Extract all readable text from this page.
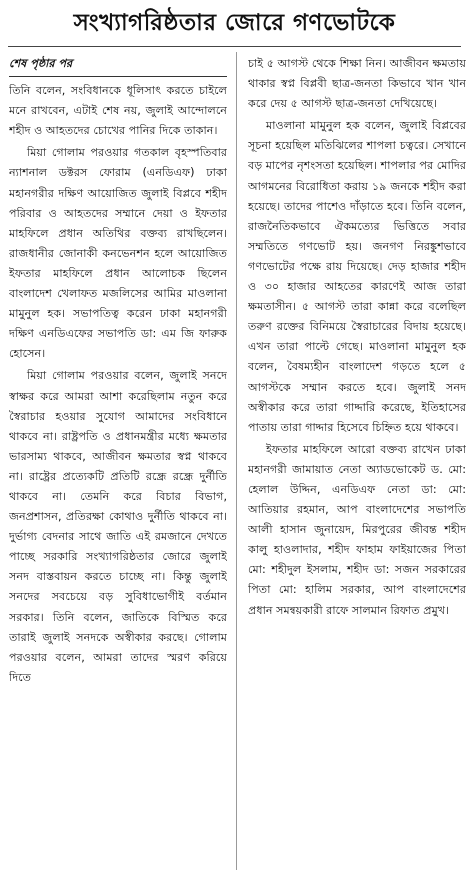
সংখ্যাগরিষ্ঠতার জোরে গণভোটকে
শেষ পৃষ্ঠার পর

তিনি বলেন, সংবিধানকে ধূলিসাৎ করতে চাইলে মনে রাখবেন, এটাই শেষ নয়, জুলাই আন্দোলনে শহীদ ও আহতদের চোখের পানির দিকে তাকান।

মিয়া গোলাম পরওয়ার গতকাল বৃহস্পতিবার ন্যাশনাল ডক্টরস ফোরাম (এনডিএফ) ঢাকা মহানগরীর দক্ষিণ আয়োজিত জুলাই বিপ্লবে শহীদ পরিবার ও আহতদের সম্মানে দেয়া ও ইফতার মাহফিলে প্রধান অতিথির বক্তব্য রাখছিলেন। রাজধানীর জোনাকী কনভেনশন হলে আয়োজিত ইফতার মাহফিলে প্রধান আলোচক ছিলেন বাংলাদেশ খেলাফত মজলিসের আমির মাওলানা মামুনুল হক। সভাপতিত্ব করেন ঢাকা মহানগরী দক্ষিণ এনডিএফের সভাপতি ডা: এম জি ফারুক হোসেন।

মিয়া গোলাম পরওয়ার বলেন, জুলাই সনদে স্বাক্ষর করে আমরা আশা করেছিলাম নতুন করে স্বৈরাচার হওয়ার সুযোগ আমাদের সংবিধানে থাকবে না। রাষ্ট্রপতি ও প্রধানমন্ত্রীর মধ্যে ক্ষমতার ভারসাম্য থাকবে, আজীবন ক্ষমতার স্বপ্ন থাকবে না। রাষ্ট্রের প্রত্যেকটি প্রতিটি রন্ধ্রে রন্ধ্রে দুর্নীতি থাকবে না। তেমনি করে বিচার বিভাগ, জনপ্রশাসন, প্রতিরক্ষা কোথাও দুর্নীতি থাকবে না। দুর্ভাগ্য বেদনার সাথে জাতি এই রমজানে দেখতে পাচ্ছে সরকারি সংখ্যাগরিষ্ঠতার জোরে জুলাই সনদ বাস্তবায়ন করতে চাচ্ছে না। কিন্তু জুলাই সনদের সবচেয়ে বড় সুবিধাভোগীই বর্তমান সরকার। তিনি বলেন, জাতিকে বিস্মিত করে তারাই জুলাই সনদকে অস্বীকার করছে। গোলাম পরওয়ার বলেন, আমরা তাদের স্মরণ করিয়ে দিতে

চাই ৫ আগস্ট থেকে শিক্ষা নিন। আজীবন ক্ষমতায় থাকার স্বপ্ন বিপ্লবী ছাত্র-জনতা কিভাবে খান খান করে দেয় ৫ আগস্ট ছাত্র-জনতা দেখিয়েছে।

মাওলানা মামুনুল হক বলেন, জুলাই বিপ্লবের সূচনা হয়েছিল মতিঝিলের শাপলা চত্বরে। সেখানে বড় মাপের নৃশংসতা হয়েছিল। শাপলার পর মোদির আগমনের বিরোধিতা করায় ১৯ জনকে শহীদ করা হয়েছে। তাদের পাশেও দাঁড়াতে হবে। তিনি বলেন, রাজনৈতিকভাবে ঐকমত্যের ভিত্তিতে সবার সম্মতিতে গণভোট হয়। জনগণ নিরঙ্কুশভাবে গণভোটের পক্ষে রায় দিয়েছে। দেড় হাজার শহীদ ও ৩০ হাজার আহতের কারণেই আজ তারা ক্ষমতাসীন। ৫ আগস্ট তারা কান্না করে বলেছিল তরুণ রক্তের বিনিময়ে স্বৈরাচারের বিদায় হয়েছে। এখন তারা পাল্টে গেছে। মাওলানা মামুনুল হক বলেন, বৈষম্যহীন বাংলাদেশ গড়তে হলে ৫ আগস্টকে সম্মান করতে হবে। জুলাই সনদ অস্বীকার করে তারা গাদ্দারি করেছে, ইতিহাসের পাতায় তারা গাদ্দার হিসেবে চিহ্নিত হয়ে থাকবে।

ইফতার মাহফিলে আরো বক্তব্য রাখেন ঢাকা মহানগরী জামায়াত নেতা অ্যাডভোকেট ড. মো: হেলাল উদ্দিন, এনডিএফ নেতা ডা: মো: আতিয়ার রহমান, আপ বাংলাদেশের সভাপতি আলী হাসান জুনায়েদ, মিরপুরের জীবন্ত শহীদ কালু হাওলাদার, শহীদ ফাহাম ফাইয়াজের পিতা মো: শহীদুল ইসলাম, শহীদ ডা: সজন সরকারের পিতা মো: হালিম সরকার, আপ বাংলাদেশের প্রধান সমন্বয়কারী রাফে সালমান রিফাত প্রমুখ।
